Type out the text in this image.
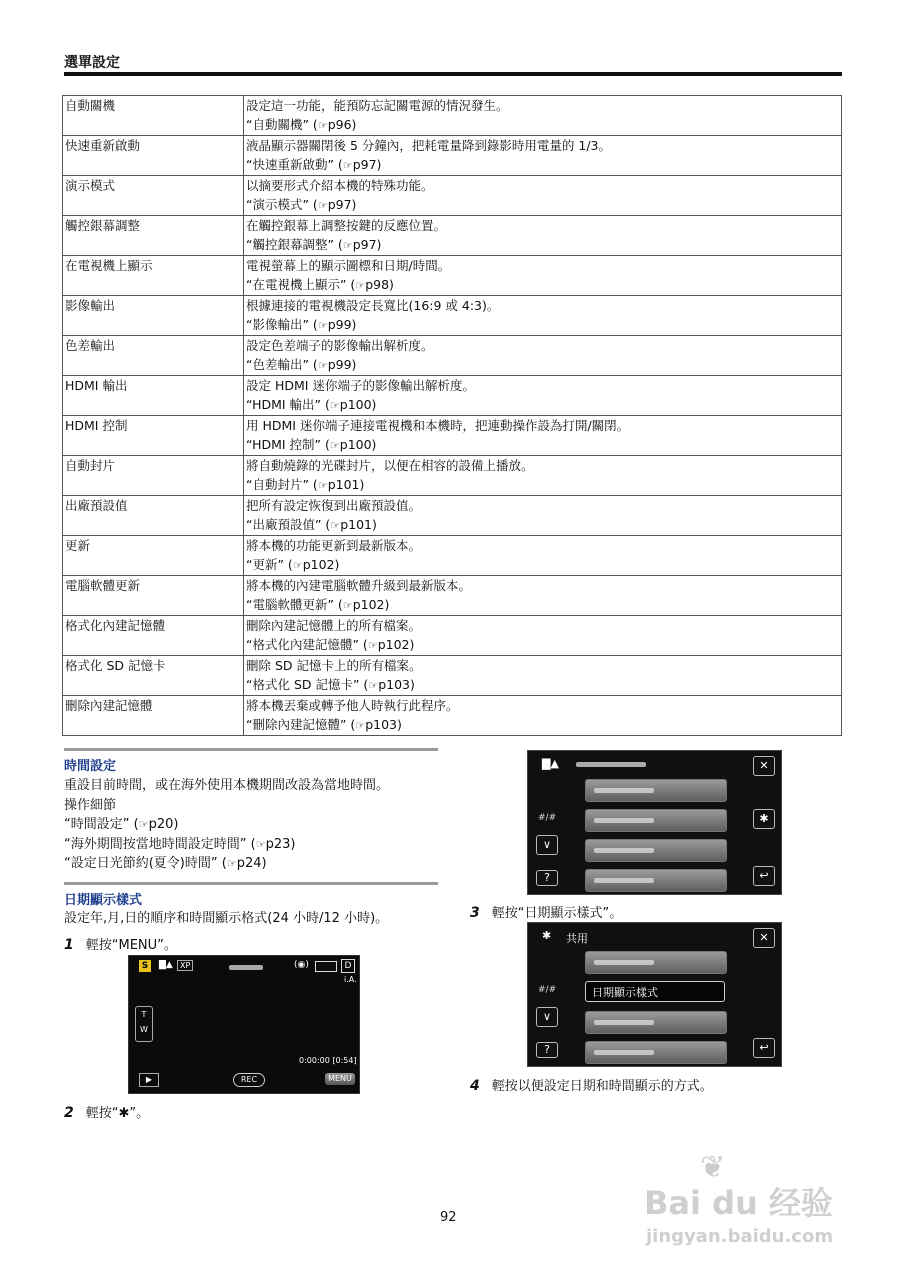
選單設定
自動關機	設定這一功能，能預防忘記關電源的情況發生。
“自動關機” (☞p96)

快速重新啟動	液晶顯示器關閉後 5 分鐘內，把耗電量降到錄影時用電量的 1/3。
“快速重新啟動” (☞p97)

演示模式	以摘要形式介紹本機的特殊功能。
“演示模式” (☞p97)

觸控銀幕調整	在觸控銀幕上調整按鍵的反應位置。
“觸控銀幕調整” (☞p97)

在電視機上顯示	電視螢幕上的顯示圖標和日期/時間。
“在電視機上顯示” (☞p98)

影像輸出	根據連接的電視機設定長寬比(16:9 或 4:3)。
“影像輸出” (☞p99)

色差輸出	設定色差端子的影像輸出解析度。
“色差輸出” (☞p99)

HDMI 輸出	設定 HDMI 迷你端子的影像輸出解析度。
“HDMI 輸出” (☞p100)

HDMI 控制	用 HDMI 迷你端子連接電視機和本機時，把連動操作設為打開/關閉。
“HDMI 控制” (☞p100)

自動封片	將自動燒錄的光碟封片，以便在相容的設備上播放。
“自動封片” (☞p101)

出廠預設值	把所有設定恢復到出廠預設值。
“出廠預設值” (☞p101)

更新	將本機的功能更新到最新版本。
“更新” (☞p102)

電腦軟體更新	將本機的內建電腦軟體升級到最新版本。
“電腦軟體更新” (☞p102)

格式化內建記憶體	刪除內建記憶體上的所有檔案。
“格式化內建記憶體” (☞p102)

格式化 SD 記憶卡	刪除 SD 記憶卡上的所有檔案。
“格式化 SD 記憶卡” (☞p103)

刪除內建記憶體	將本機丟棄或轉予他人時執行此程序。
“刪除內建記憶體” (☞p103)
時間設定
重設目前時間，或在海外使用本機期間改設為當地時間。
操作細節
“時間設定” (☞p20)
“海外期間按當地時間設定時間” (☞p23)
“設定日光節約(夏令)時間” (☞p24)
日期顯示樣式
設定年,月,日的順序和時間顯示格式(24 小時/12 小時)。
1 輕按“MENU”。
S	▇▲ XP	(◉)	D
i.A.
T
W
0:00:00 [0:54]
▶	REC	MENU
2 輕按“✱”。
▇▲	✕
#/#
∨
?
✱
↩
3 輕按“日期顯示樣式”。
✱ 共用	✕
日期顯示樣式
#/#
∨
?	↩
4 輕按以便設定日期和時間顯示的方式。
92
❦
Bai du 经验
jingyan.baidu.com
